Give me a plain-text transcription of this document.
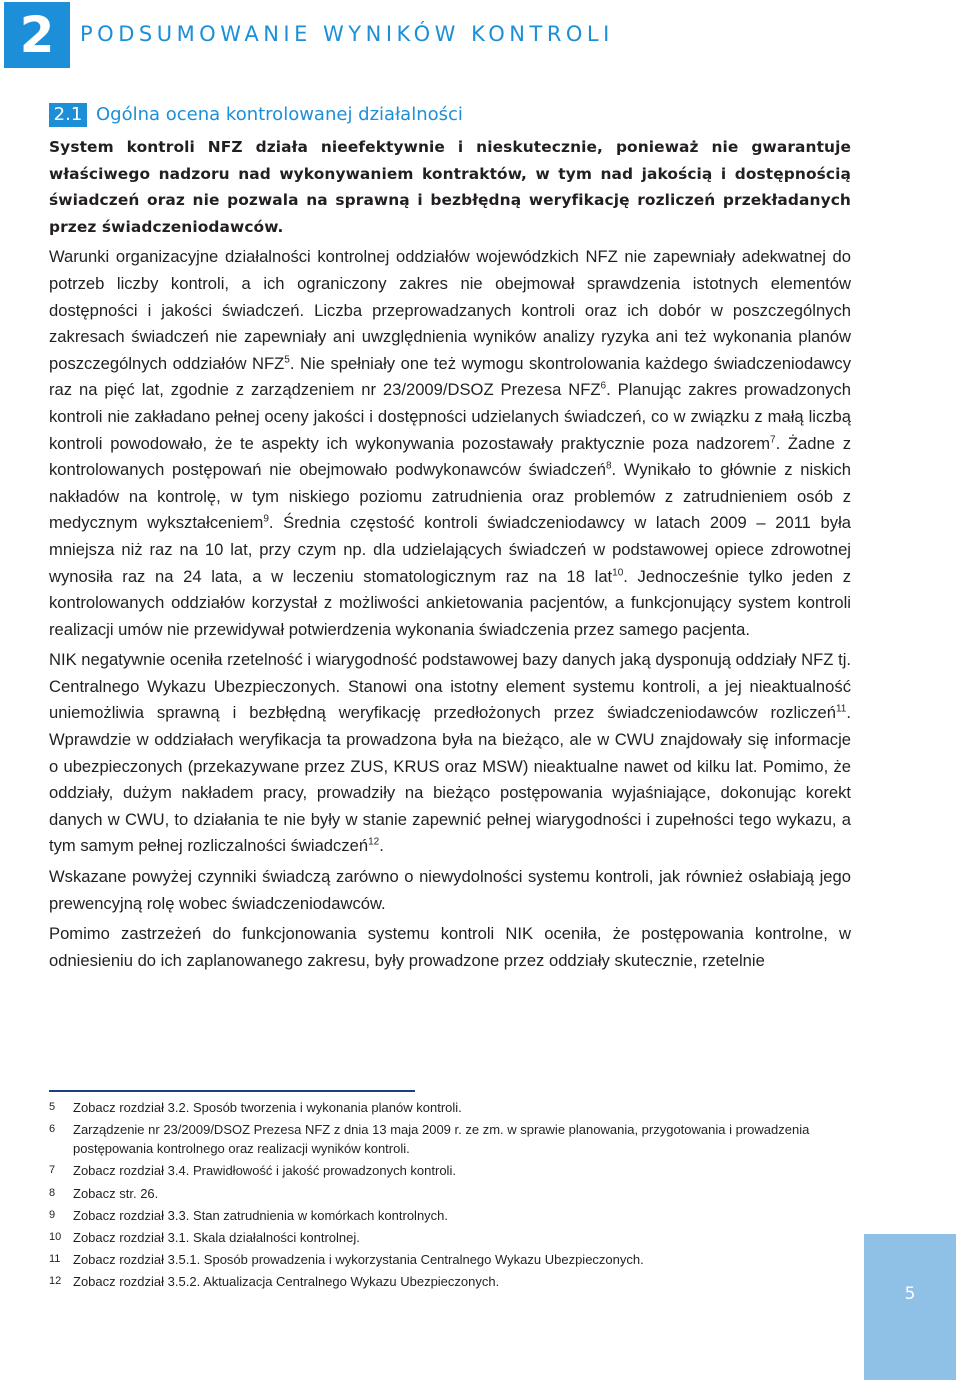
2	PODSUMOWANIE WYNIKÓW KONTROLI
2.1 Ogólna ocena kontrolowanej działalności

System kontroli NFZ działa nieefektywnie i nieskutecznie, ponieważ nie gwarantuje właściwego nadzoru nad wykonywaniem kontraktów, w tym nad jakością i dostępnością świadczeń oraz nie pozwala na sprawną i bezbłędną weryfikację rozliczeń przekładanych przez świadczeniodawców.

Warunki organizacyjne działalności kontrolnej oddziałów wojewódzkich NFZ nie zapewniały adekwatnej do potrzeb liczby kontroli, a ich ograniczony zakres nie obejmował sprawdzenia istotnych elementów dostępności i jakości świadczeń. Liczba przeprowadzanych kontroli oraz ich dobór w poszczególnych zakresach świadczeń nie zapewniały ani uwzględnienia wyników analizy ryzyka ani też wykonania planów poszczególnych oddziałów NFZ$^5$. Nie spełniały one też wymogu skontrolowania każdego świadczeniodawcy raz na pięć lat, zgodnie z zarządzeniem nr 23/2009/DSOZ Prezesa NFZ$^6$. Planując zakres prowadzonych kontroli nie zakładano pełnej oceny jakości i dostępności udzielanych świadczeń, co w związku z małą liczbą kontroli powodowało, że te aspekty ich wykonywania pozostawały praktycznie poza nadzorem$^7$. Żadne z kontrolowanych postępowań nie obejmowało podwykonawców świadczeń$^8$. Wynikało to głównie z niskich nakładów na kontrolę, w tym niskiego poziomu zatrudnienia oraz problemów z zatrudnieniem osób z medycznym wykształceniem$^9$. Średnia częstość kontroli świadczeniodawcy w latach 2009 – 2011 była mniejsza niż raz na 10 lat, przy czym np. dla udzielających świadczeń w podstawowej opiece zdrowotnej wynosiła raz na 24 lata, a w leczeniu stomatologicznym raz na 18 lat$^{10}$. Jednocześnie tylko jeden z kontrolowanych oddziałów korzystał z możliwości ankietowania pacjentów, a funkcjonujący system kontroli realizacji umów nie przewidywał potwierdzenia wykonania świadczenia przez samego pacjenta.

NIK negatywnie oceniła rzetelność i wiarygodność podstawowej bazy danych jaką dysponują oddziały NFZ tj. Centralnego Wykazu Ubezpieczonych. Stanowi ona istotny element systemu kontroli, a jej nieaktualność uniemożliwia sprawną i bezbłędną weryfikację przedłożonych przez świadczeniodawców rozliczeń$^{11}$. Wprawdzie w oddziałach weryfikacja ta prowadzona była na bieżąco, ale w CWU znajdowały się informacje o ubezpieczonych (przekazywane przez ZUS, KRUS oraz MSW) nieaktualne nawet od kilku lat. Pomimo, że oddziały, dużym nakładem pracy, prowadziły na bieżąco postępowania wyjaśniające, dokonując korekt danych w CWU, to działania te nie były w stanie zapewnić pełnej wiarygodności i zupełności tego wykazu, a tym samym pełnej rozliczalności świadczeń$^{12}$.

Wskazane powyżej czynniki świadczą zarówno o niewydolności systemu kontroli, jak również osłabiają jego prewencyjną rolę wobec świadczeniodawców.

Pomimo zastrzeżeń do funkcjonowania systemu kontroli NIK oceniła, że postępowania kontrolne, w odniesieniu do ich zaplanowanego zakresu, były prowadzone przez oddziały skutecznie, rzetelnie

5 Zobacz rozdział 3.2. Sposób tworzenia i wykonania planów kontroli.
6 Zarządzenie nr 23/2009/DSOZ Prezesa NFZ z dnia 13 maja 2009 r. ze zm. w sprawie planowania, przygotowania i prowadzenia postępowania kontrolnego oraz realizacji wyników kontroli.
7 Zobacz rozdział 3.4. Prawidłowość i jakość prowadzonych kontroli.
8 Zobacz str. 26.
9 Zobacz rozdział 3.3. Stan zatrudnienia w komórkach kontrolnych.
10 Zobacz rozdział 3.1. Skala działalności kontrolnej.
11 Zobacz rozdział 3.5.1. Sposób prowadzenia i wykorzystania Centralnego Wykazu Ubezpieczonych.
12 Zobacz rozdział 3.5.2. Aktualizacja Centralnego Wykazu Ubezpieczonych.
5
